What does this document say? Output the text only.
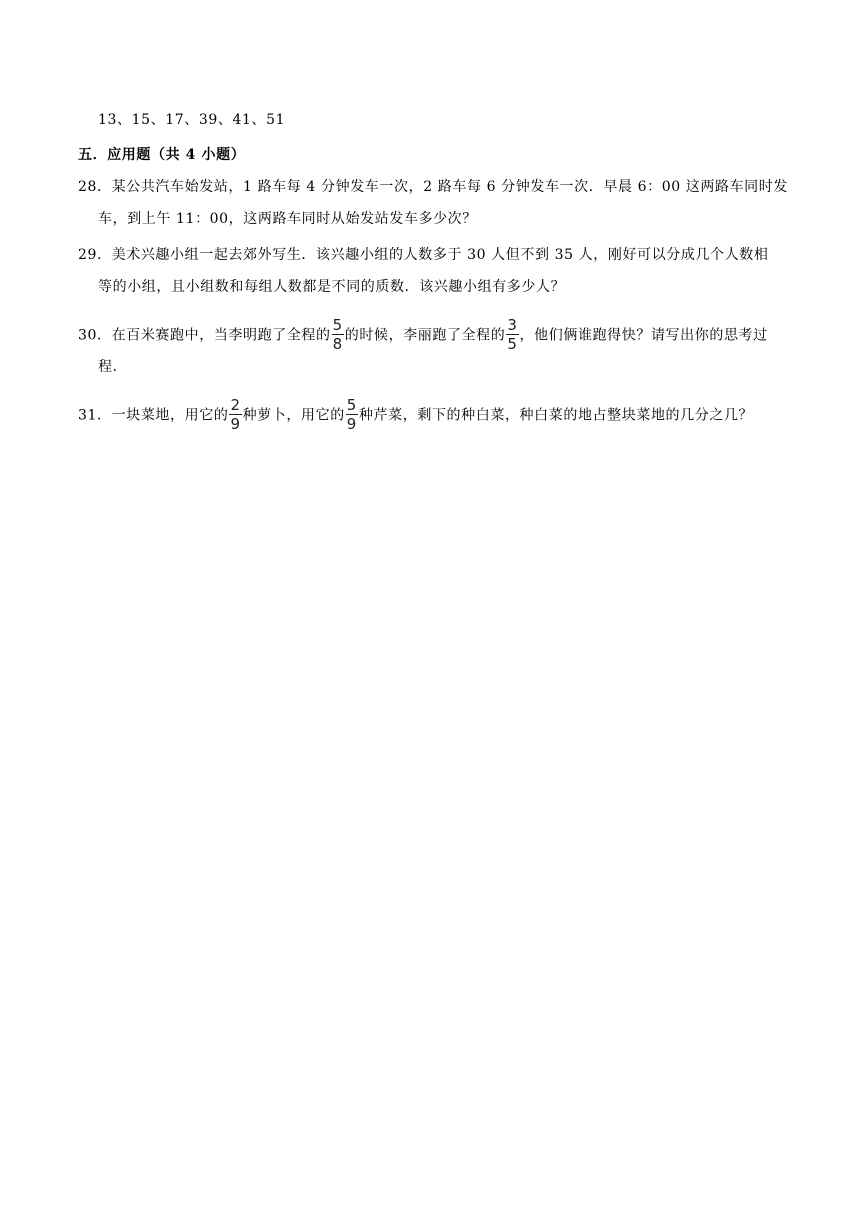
13、15、17、39、41、51
五．应用题（共 4 小题）
28．某公共汽车始发站，1 路车每 4 分钟发车一次，2 路车每 6 分钟发车一次．早晨 6：00 这两路车同时发
车，到上午 11：00，这两路车同时从始发站发车多少次？
29．美术兴趣小组一起去郊外写生．该兴趣小组的人数多于 30 人但不到 35 人，刚好可以分成几个人数相
等的小组，且小组数和每组人数都是不同的质数．该兴趣小组有多少人？
30．在百米赛跑中，当李明跑了全程的 $\frac{5}{8}$ 的时候，李丽跑了全程的 $\frac{3}{5}$ ，他们俩谁跑得快？请写出你的思考过
程．
31．一块菜地，用它的 $\frac{2}{9}$ 种萝卜，用它的 $\frac{5}{9}$ 种芹菜，剩下的种白菜，种白菜的地占整块菜地的几分之几？
